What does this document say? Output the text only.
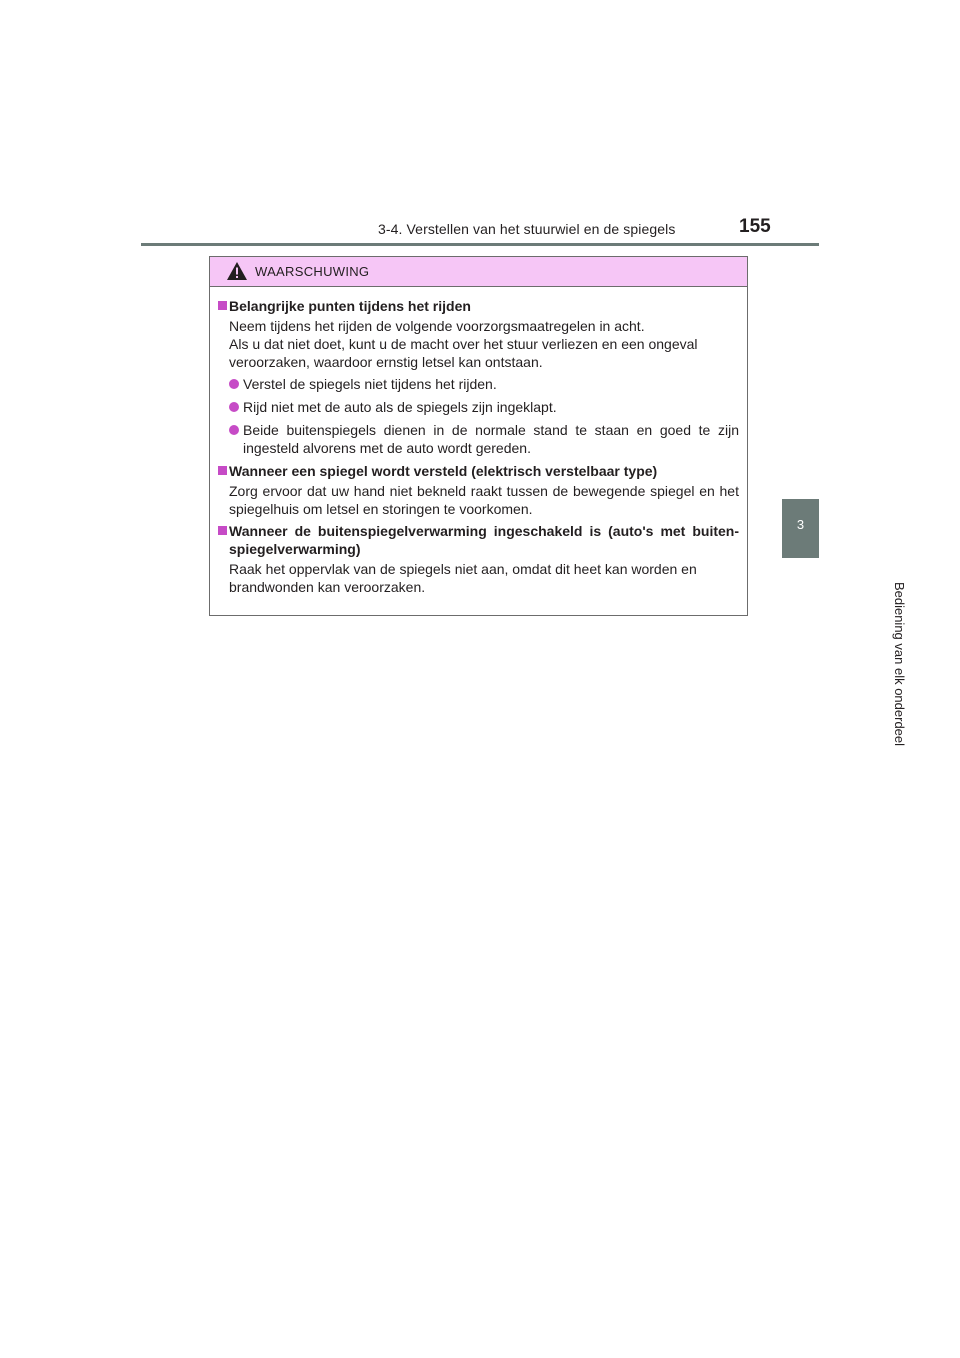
3-4. Verstellen van het stuurwiel en de spiegels	155
3
Bediening van elk onderdeel
WAARSCHUWING
Belangrijke punten tijdens het rijden
Neem tijdens het rijden de volgende voorzorgsmaatregelen in acht.
Als u dat niet doet, kunt u de macht over het stuur verliezen en een ongeval veroorzaken, waardoor ernstig letsel kan ontstaan.
Verstel de spiegels niet tijdens het rijden.
Rijd niet met de auto als de spiegels zijn ingeklapt.
Beide buitenspiegels dienen in de normale stand te staan en goed te zijn ingesteld alvorens met de auto wordt gereden.
Wanneer een spiegel wordt versteld (elektrisch verstelbaar type)
Zorg ervoor dat uw hand niet bekneld raakt tussen de bewegende spiegel en het spiegelhuis om letsel en storingen te voorkomen.
Wanneer de buitenspiegelverwarming ingeschakeld is (auto's met buiten-spiegelverwarming)
Raak het oppervlak van de spiegels niet aan, omdat dit heet kan worden en brandwonden kan veroorzaken.
